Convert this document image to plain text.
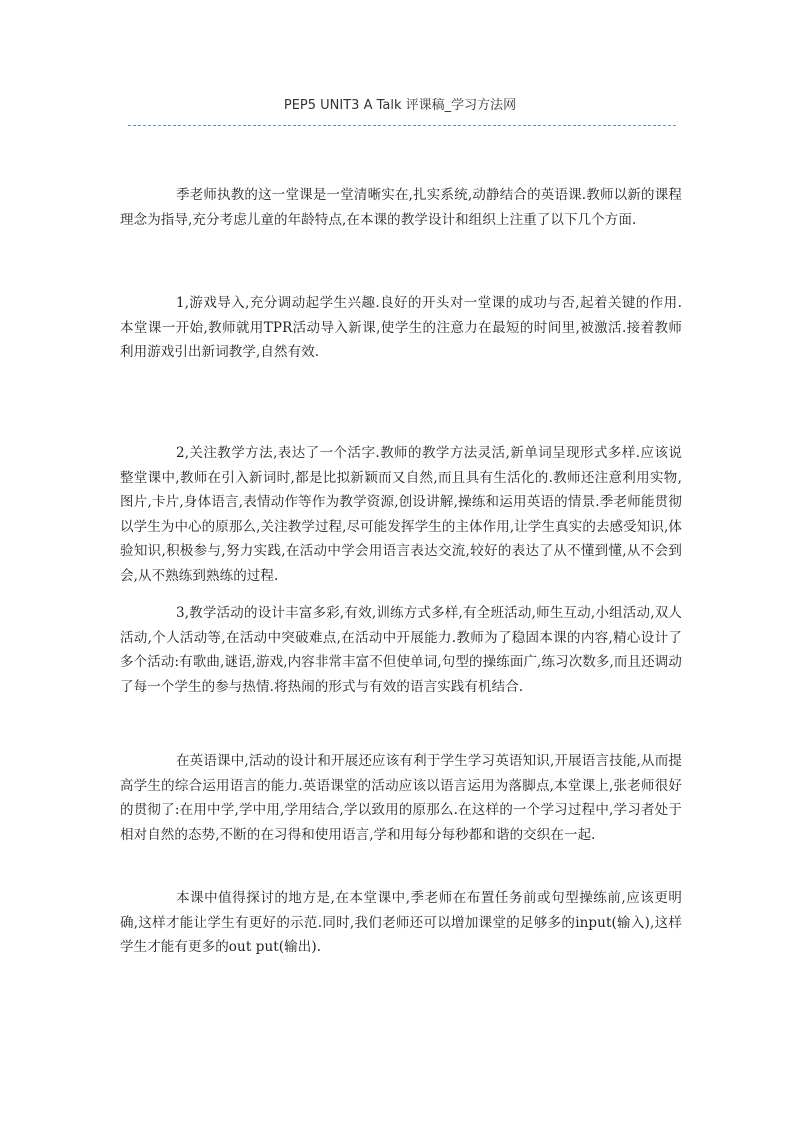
PEP5 UNIT3 A Talk 评课稿_学习方法网

季老师执教的这一堂课是一堂清晰实在,扎实系统,动静结合的英语课.教师以新的课程理念为指导,充分考虑儿童的年龄特点,在本课的教学设计和组织上注重了以下几个方面.

1,游戏导入,充分调动起学生兴趣.良好的开头对一堂课的成功与否,起着关键的作用.本堂课一开始,教师就用TPR活动导入新课,使学生的注意力在最短的时间里,被激活.接着教师利用游戏引出新词教学,自然有效.

2,关注教学方法,表达了一个活字.教师的教学方法灵活,新单词呈现形式多样.应该说整堂课中,教师在引入新词时,都是比拟新颖而又自然,而且具有生活化的.教师还注意利用实物,图片,卡片,身体语言,表情动作等作为教学资源,创设讲解,操练和运用英语的情景.季老师能贯彻以学生为中心的原那么,关注教学过程,尽可能发挥学生的主体作用,让学生真实的去感受知识,体验知识,积极参与,努力实践,在活动中学会用语言表达交流,较好的表达了从不懂到懂,从不会到会,从不熟练到熟练的过程.

3,教学活动的设计丰富多彩,有效,训练方式多样,有全班活动,师生互动,小组活动,双人活动,个人活动等,在活动中突破难点,在活动中开展能力.教师为了稳固本课的内容,精心设计了多个活动:有歌曲,谜语,游戏,内容非常丰富不但使单词,句型的操练面广,练习次数多,而且还调动了每一个学生的参与热情.将热闹的形式与有效的语言实践有机结合.

在英语课中,活动的设计和开展还应该有利于学生学习英语知识,开展语言技能,从而提高学生的综合运用语言的能力.英语课堂的活动应该以语言运用为落脚点,本堂课上,张老师很好的贯彻了:在用中学,学中用,学用结合,学以致用的原那么.在这样的一个学习过程中,学习者处于相对自然的态势,不断的在习得和使用语言,学和用每分每秒都和谐的交织在一起.

本课中值得探讨的地方是,在本堂课中,季老师在布置任务前或句型操练前,应该更明确,这样才能让学生有更好的示范.同时,我们老师还可以增加课堂的足够多的input(输入),这样学生才能有更多的out put(输出).
